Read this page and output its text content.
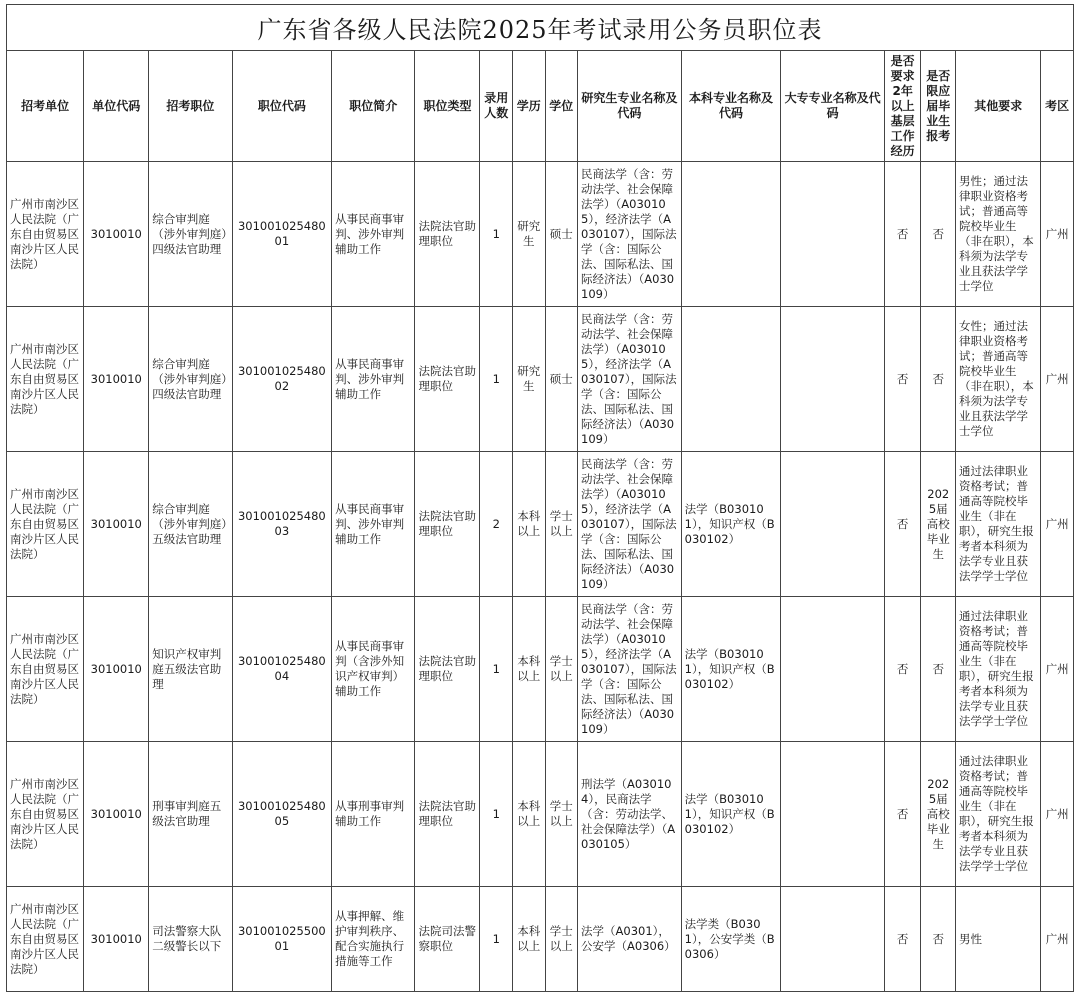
广东省各级人民法院2025年考试录用公务员职位表
招考单位	单位代码	招考职位	职位代码	职位简介	职位类型	录用人数	学历	学位	研究生专业名称及代码	本科专业名称及代码	大专专业名称及代码	是否要求2年以上基层工作经历	是否限应届毕业生报考	其他要求	考区
广州市南沙区人民法院（广东自由贸易区南沙片区人民法院）	3010010	综合审判庭（涉外审判庭）四级法官助理	30100102548001	从事民商事审判、涉外审判辅助工作	法院法官助理职位	1	研究生	硕士	民商法学（含：劳动法学、社会保障法学）（A030105），经济法学（A030107），国际法学（含：国际公法、国际私法、国际经济法）（A030109）			否	否	男性；通过法律职业资格考试；普通高等院校毕业生（非在职），本科须为法学专业且获法学学士学位	广州
广州市南沙区人民法院（广东自由贸易区南沙片区人民法院）	3010010	综合审判庭（涉外审判庭）四级法官助理	30100102548002	从事民商事审判、涉外审判辅助工作	法院法官助理职位	1	研究生	硕士	民商法学（含：劳动法学、社会保障法学）（A030105），经济法学（A030107），国际法学（含：国际公法、国际私法、国际经济法）（A030109）			否	否	女性；通过法律职业资格考试；普通高等院校毕业生（非在职），本科须为法学专业且获法学学士学位	广州
广州市南沙区人民法院（广东自由贸易区南沙片区人民法院）	3010010	综合审判庭（涉外审判庭）五级法官助理	30100102548003	从事民商事审判、涉外审判辅助工作	法院法官助理职位	2	本科以上	学士以上	民商法学（含：劳动法学、社会保障法学）（A030105），经济法学（A030107），国际法学（含：国际公法、国际私法、国际经济法）（A030109）	法学（B030101），知识产权（B030102）		否	2025届高校毕业生	通过法律职业资格考试；普通高等院校毕业生（非在职），研究生报考者本科须为法学专业且获法学学士学位	广州
广州市南沙区人民法院（广东自由贸易区南沙片区人民法院）	3010010	知识产权审判庭五级法官助理	30100102548004	从事民商事审判（含涉外知识产权审判）辅助工作	法院法官助理职位	1	本科以上	学士以上	民商法学（含：劳动法学、社会保障法学）（A030105），经济法学（A030107），国际法学（含：国际公法、国际私法、国际经济法）（A030109）	法学（B030101），知识产权（B030102）		否	否	通过法律职业资格考试；普通高等院校毕业生（非在职），研究生报考者本科须为法学专业且获法学学士学位	广州
广州市南沙区人民法院（广东自由贸易区南沙片区人民法院）	3010010	刑事审判庭五级法官助理	30100102548005	从事刑事审判辅助工作	法院法官助理职位	1	本科以上	学士以上	刑法学（A030104），民商法学（含：劳动法学、社会保障法学）（A030105）	法学（B030101），知识产权（B030102）		否	2025届高校毕业生	通过法律职业资格考试；普通高等院校毕业生（非在职），研究生报考者本科须为法学专业且获法学学士学位	广州
广州市南沙区人民法院（广东自由贸易区南沙片区人民法院）	3010010	司法警察大队二级警长以下	30100102550001	从事押解、维护审判秩序、配合实施执行措施等工作	法院司法警察职位	1	本科以上	学士以上	法学（A0301），公安学（A0306）	法学类（B0301），公安学类（B0306）		否	否	男性	广州
